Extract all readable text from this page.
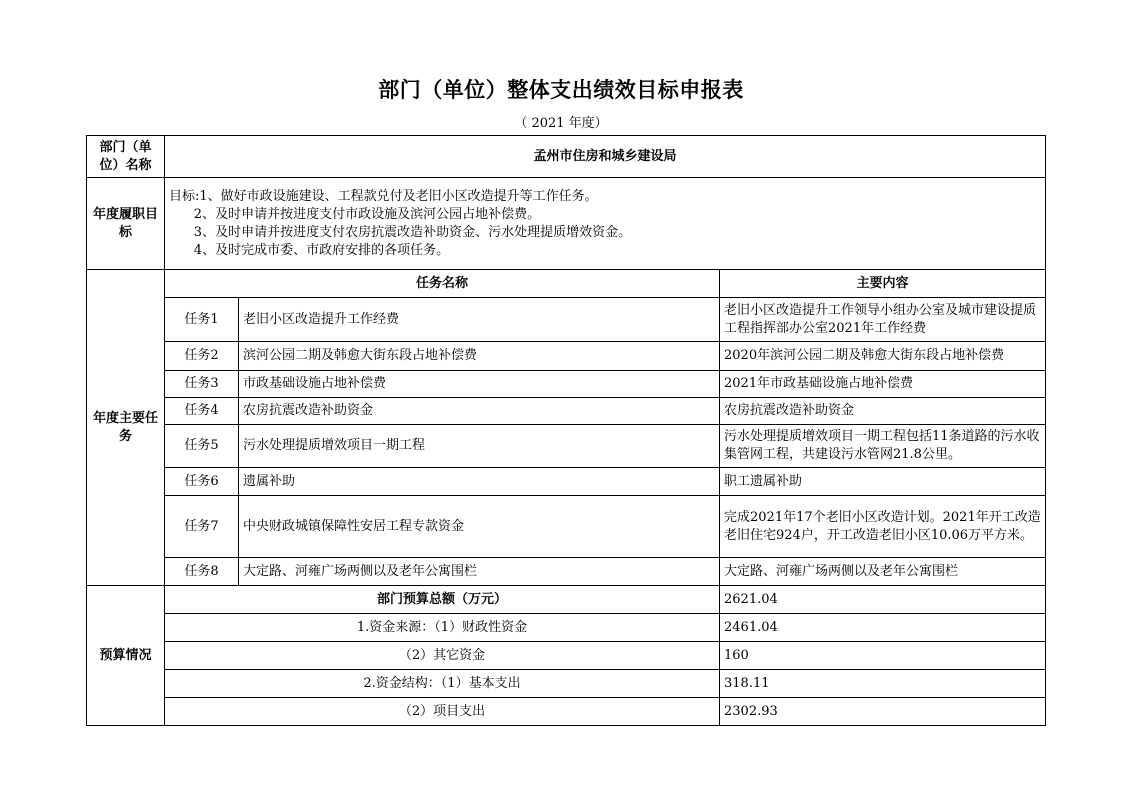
部门（单位）整体支出绩效目标申报表
（ 2021 年度）
部门（单位）名称	孟州市住房和城乡建设局		
年度履职目标	目标:1、做好市政设施建设、工程款兑付及老旧小区改造提升等工作任务。
2、及时申请并按进度支付市政设施及滨河公园占地补偿费。
3、及时申请并按进度支付农房抗震改造补助资金、污水处理提质增效资金。
4、及时完成市委、市政府安排的各项任务。		

年度主要任务	任务名称		主要内容
	任务1	老旧小区改造提升工作经费	老旧小区改造提升工作领导小组办公室及城市建设提质工程指挥部办公室2021年工作经费
	任务2	滨河公园二期及韩愈大街东段占地补偿费	2020年滨河公园二期及韩愈大街东段占地补偿费
	任务3	市政基础设施占地补偿费	2021年市政基础设施占地补偿费
	任务4	农房抗震改造补助资金	农房抗震改造补助资金
	任务5	污水处理提质增效项目一期工程	污水处理提质增效项目一期工程包括11条道路的污水收集管网工程，共建设污水管网21.8公里。
	任务6	遗属补助	职工遗属补助
	任务7	中央财政城镇保障性安居工程专款资金	完成2021年17个老旧小区改造计划。2021年开工改造老旧住宅924户，开工改造老旧小区10.06万平方米。
	任务8	大定路、河雍广场两侧以及老年公寓围栏	大定路、河雍广场两侧以及老年公寓围栏
预算情况	部门预算总额（万元）		2621.04
	1.资金来源：（1）财政性资金		2461.04
	（2）其它资金		160
	2.资金结构：（1）基本支出		318.11
	（2）项目支出		2302.93
